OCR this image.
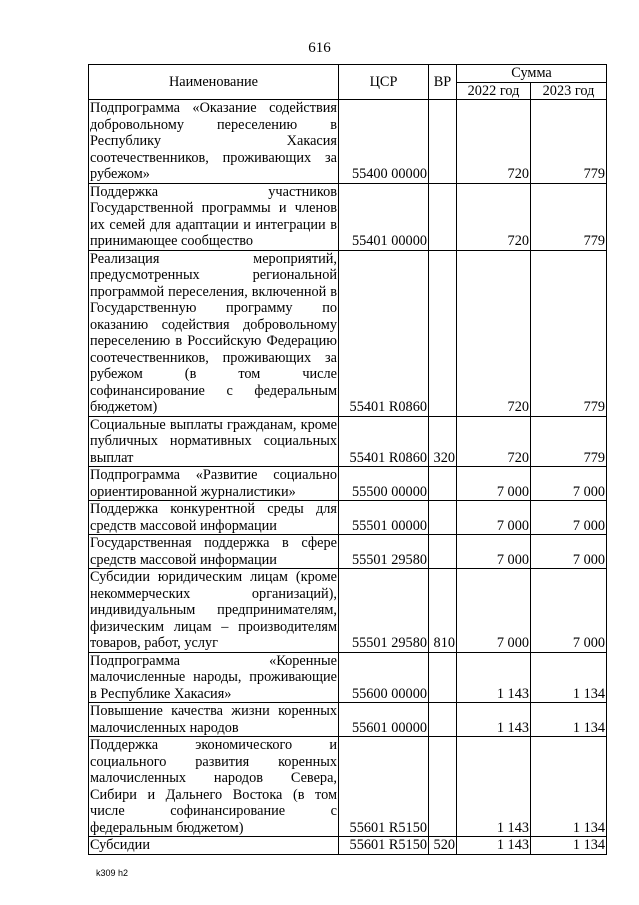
616
Наименование	ЦСР	ВР	Сумма	
			2022 год	2023 год
Подпрограмма «Оказание содействия добровольному переселению в Республику Хакасия соотечественников, проживающих за рубежом»	55400 00000		720	779
Поддержка участников Государственной программы и членов их семей для адаптации и интеграции в принимающее сообщество	55401 00000		720	779
Реализация мероприятий, предусмотренных региональной программой переселения, включенной в Государственную программу по оказанию содействия добровольному переселению в Российскую Федерацию соотечественников, проживающих за рубежом (в том числе софинансирование с федеральным бюджетом)	55401 R0860		720	779
Социальные выплаты гражданам, кроме публичных нормативных социальных выплат	55401 R0860	320	720	779
Подпрограмма «Развитие социально ориентированной журналистики»	55500 00000		7 000	7 000
Поддержка конкурентной среды для средств массовой информации	55501 00000		7 000	7 000
Государственная поддержка в сфере средств массовой информации	55501 29580		7 000	7 000
Субсидии юридическим лицам (кроме некоммерческих организаций), индивидуальным предпринимателям, физическим лицам – производителям товаров, работ, услуг	55501 29580	810	7 000	7 000
Подпрограмма «Коренные малочисленные народы, проживающие в Республике Хакасия»	55600 00000		1 143	1 134
Повышение качества жизни коренных малочисленных народов	55601 00000		1 143	1 134
Поддержка экономического и социального развития коренных малочисленных народов Севера, Сибири и Дальнего Востока (в том числе софинансирование с федеральным бюджетом)	55601 R5150		1 143	1 134
Субсидии	55601 R5150	520	1 143	1 134
k309 h2
